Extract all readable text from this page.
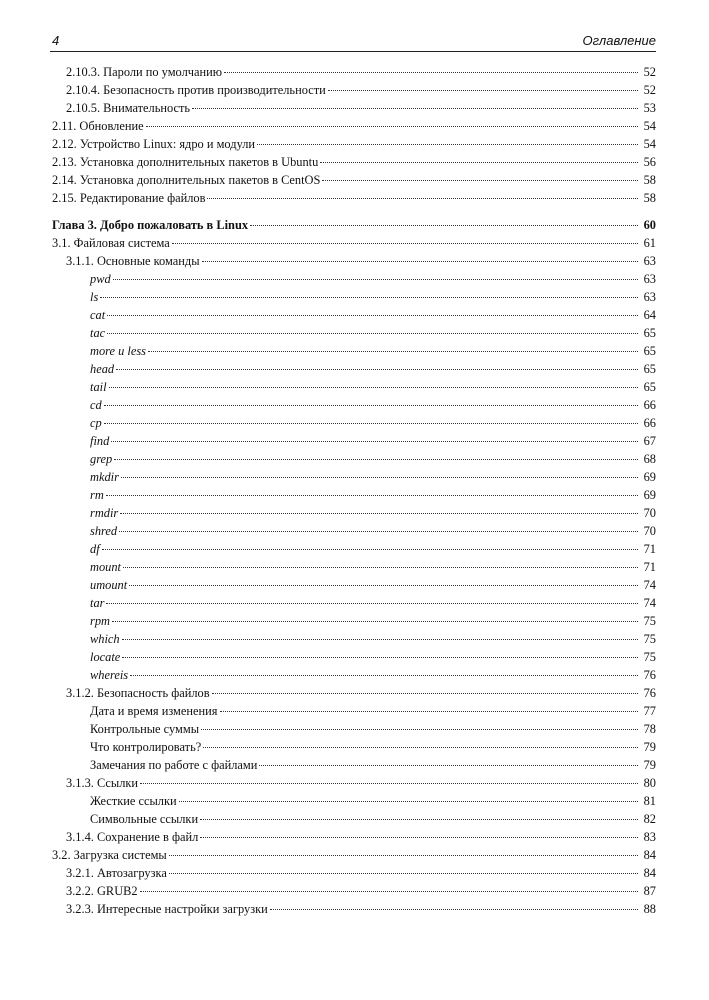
4	Оглавление
2.10.3. Пароли по умолчанию	52
2.10.4. Безопасность против производительности	52
2.10.5. Внимательность	53
2.11. Обновление	54
2.12. Устройство Linux: ядро и модули	54
2.13. Установка дополнительных пакетов в Ubuntu	56
2.14. Установка дополнительных пакетов в CentOS	58
2.15. Редактирование файлов	58
Глава 3. Добро пожаловать в Linux	60
3.1. Файловая система	61
3.1.1. Основные команды	63
pwd	63
ls	63
cat	64
tac	65
more и less	65
head	65
tail	65
cd	66
cp	66
find	67
grep	68
mkdir	69
rm	69
rmdir	70
shred	70
df	71
mount	71
umount	74
tar	74
rpm	75
which	75
locate	75
whereis	76
3.1.2. Безопасность файлов	76
Дата и время изменения	77
Контрольные суммы	78
Что контролировать?	79
Замечания по работе с файлами	79
3.1.3. Ссылки	80
Жесткие ссылки	81
Символьные ссылки	82
3.1.4. Сохранение в файл	83
3.2. Загрузка системы	84
3.2.1. Автозагрузка	84
3.2.2. GRUB2	87
3.2.3. Интересные настройки загрузки	88
